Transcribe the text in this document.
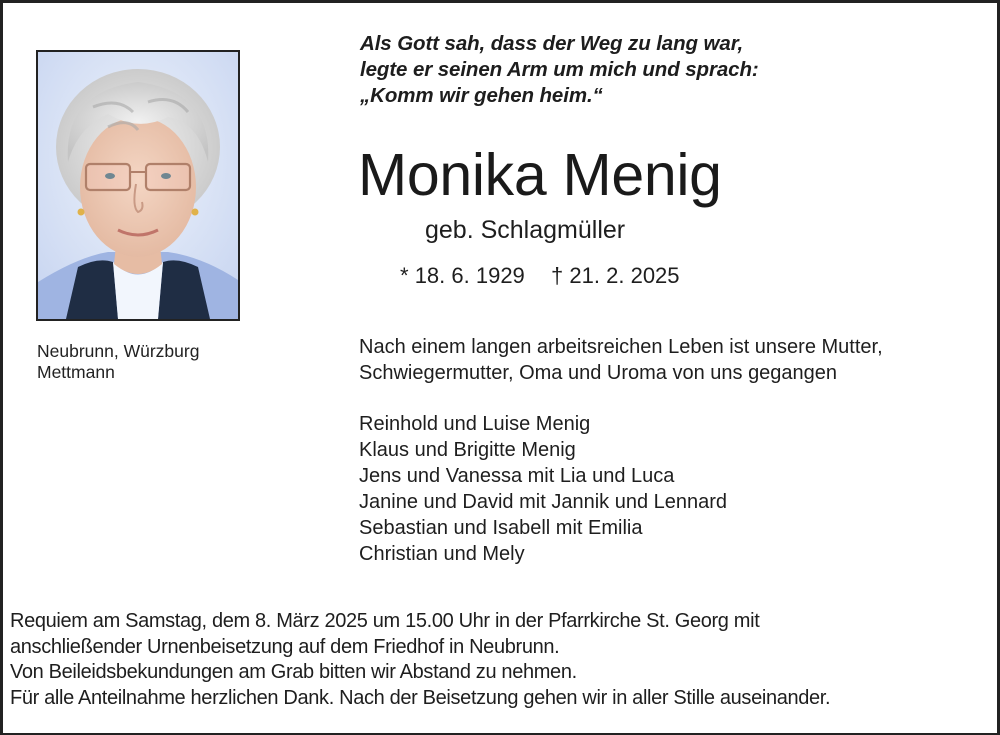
Als Gott sah, dass der Weg zu lang war,
legte er seinen Arm um mich und sprach:
„Komm wir gehen heim.“
Neubrunn, Würzburg
Mettmann
Monika Menig
geb. Schlagmüller
* 18. 6. 1929 † 21. 2. 2025
Nach einem langen arbeitsreichen Leben ist unsere Mutter,
Schwiegermutter, Oma und Uroma von uns gegangen
Reinhold und Luise Menig
Klaus und Brigitte Menig
Jens und Vanessa mit Lia und Luca
Janine und David mit Jannik und Lennard
Sebastian und Isabell mit Emilia
Christian und Mely
Requiem am Samstag, dem 8. März 2025 um 15.00 Uhr in der Pfarrkirche St. Georg mit
anschließender Urnenbeisetzung auf dem Friedhof in Neubrunn.
Von Beileidsbekundungen am Grab bitten wir Abstand zu nehmen.
Für alle Anteilnahme herzlichen Dank. Nach der Beisetzung gehen wir in aller Stille auseinander.
